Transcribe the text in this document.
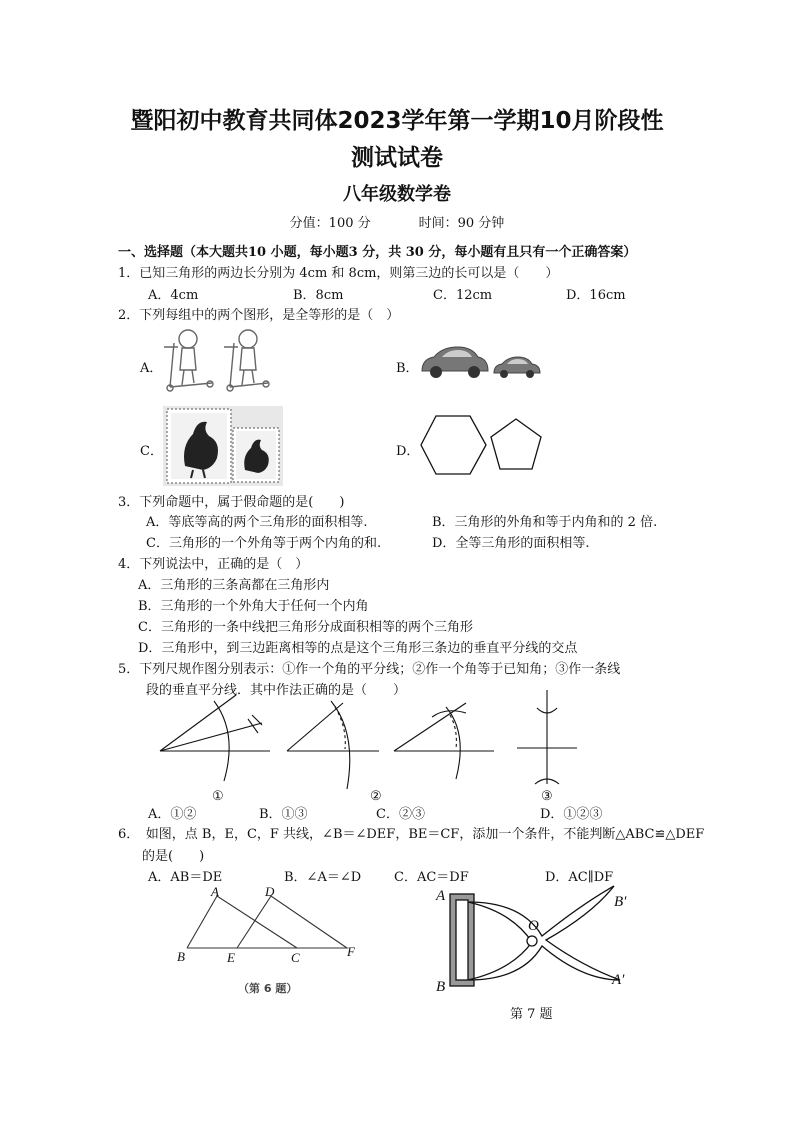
暨阳初中教育共同体2023学年第一学期10月阶段性
测试试卷
八年级数学卷
分值：100 分	时间：90 分钟
一、选择题（本大题共10 小题，每小题3 分，共 30 分，每小题有且只有一个正确答案）
1．已知三角形的两边长分别为 4cm 和 8cm，则第三边的长可以是（　　）
A．4cm	B．8cm	C．12cm	D．16cm
2．下列每组中的两个图形，是全等形的是（　）
A．	B．
C．	D．
3．下列命题中，属于假命题的是(　　)
A．等底等高的两个三角形的面积相等.	B．三角形的外角和等于内角和的 2 倍.
C．三角形的一个外角等于两个内角的和.	D．全等三角形的面积相等.
4．下列说法中，正确的是（　）
A．三角形的三条高都在三角形内
B．三角形的一个外角大于任何一个内角
C．三角形的一条中线把三角形分成面积相等的两个三角形
D．三角形中，到三边距离相等的点是这个三角形三条边的垂直平分线的交点
5．下列尺规作图分别表示：①作一个角的平分线；②作一个角等于已知角；③作一条线
段的垂直平分线．其中作法正确的是（　　）
①	②	③
A．①②	B．①③	C．②③	D．①②③
6．　如图，点 B，E，C，F 共线，∠B＝∠DEF，BE＝CF，添加一个条件，不能判断△ABC≌△DEF
的是(　　)
A．AB＝DE	B．∠A＝∠D	C．AC＝DF	D．AC∥DF
A	D
B	E	C	F
（第 6 题）
A
B
O
B′
A′
第 7 题
